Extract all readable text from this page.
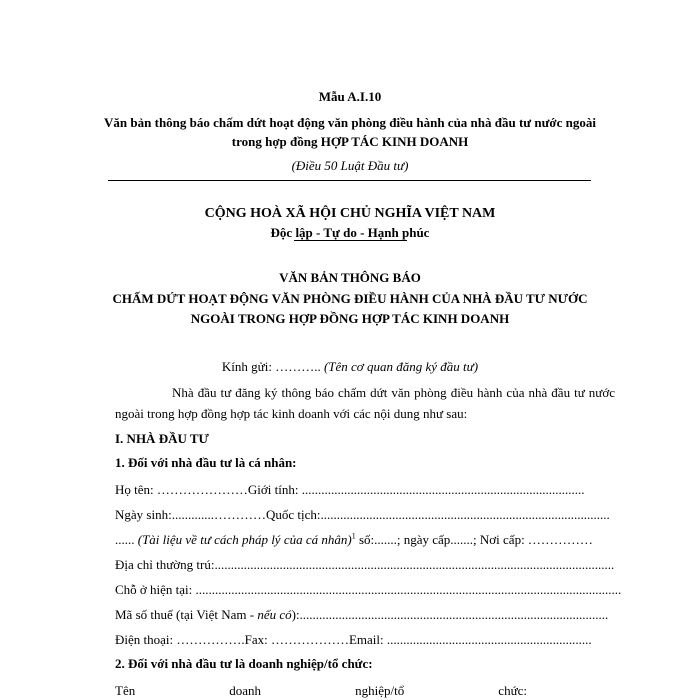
Mẫu A.I.10
Văn bản thông báo chấm dứt hoạt động văn phòng điều hành của nhà đầu tư nước ngoài
trong hợp đồng HỢP TÁC KINH DOANH
(Điều 50 Luật Đầu tư)
CỘNG HOÀ XÃ HỘI CHỦ NGHĨA VIỆT NAM
Độc lập - Tự do - Hạnh phúc
VĂN BẢN THÔNG BÁO
CHẤM DỨT HOẠT ĐỘNG VĂN PHÒNG ĐIỀU HÀNH CỦA NHÀ ĐẦU TƯ NƯỚC
NGOÀI TRONG HỢP ĐỒNG HỢP TÁC KINH DOANH
Kính gửi: ……….. (Tên cơ quan đăng ký đầu tư)
Nhà đầu tư đăng ký thông báo chấm dứt văn phòng điều hành của nhà đầu tư nước ngoài trong hợp đồng hợp tác kinh doanh với các nội dung như sau:
I. NHÀ ĐẦU TƯ
1. Đối với nhà đầu tư là cá nhân:
Họ tên: …………………Giới tính: .......................................................................................
Ngày sinh:.............…………Quốc tịch:.........................................................................................
...... (Tài liệu về tư cách pháp lý của cá nhân)$^1$ số:.......; ngày cấp.......; Nơi cấp: ……………
Địa chỉ thường trú:...........................................................................................................................
Chỗ ở hiện tại: ...................................................................................................................................
Mã số thuế (tại Việt Nam - nếu có):...............................................................................................
Điện thoại: …………….Fax: ………………Email: ...............................................................
2. Đối với nhà đầu tư là doanh nghiệp/tổ chức:
Tên	doanh	nghiệp/tổ	chức:
